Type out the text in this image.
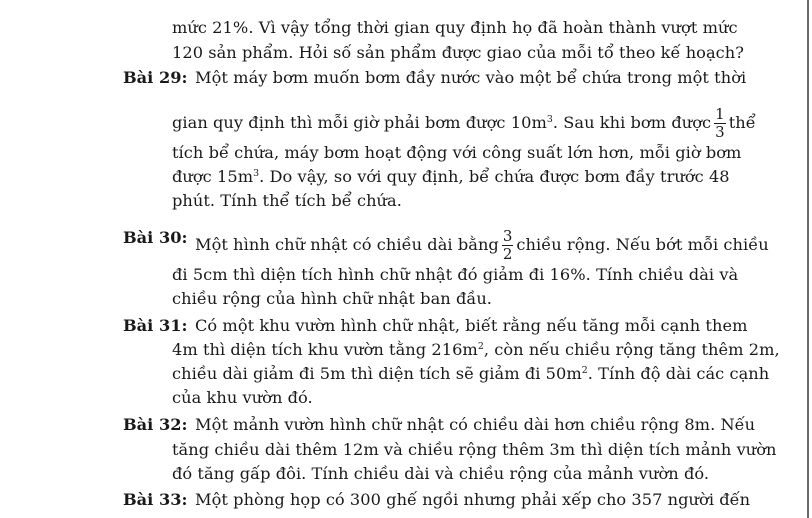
mức 21%. Vì vậy tổng thời gian quy định họ đã hoàn thành vượt mức
120 sản phẩm. Hỏi số sản phẩm được giao của mỗi tổ theo kế hoạch?
Bài 29: Một máy bơm muốn bơm đầy nước vào một bể chứa trong một thời
gian quy định thì mỗi giờ phải bơm được $10m^3$. Sau khi bơm được $\frac{1}{3}$ thể
tích bể chứa, máy bơm hoạt động với công suất lớn hơn, mỗi giờ bơm
được $15m^3$. Do vậy, so với quy định, bể chứa được bơm đầy trước 48
phút. Tính thể tích bể chứa.
Bài 30: Một hình chữ nhật có chiều dài bằng $\frac{3}{2}$ chiều rộng. Nếu bớt mỗi chiều
đi 5cm thì diện tích hình chữ nhật đó giảm đi 16%. Tính chiều dài và
chiều rộng của hình chữ nhật ban đầu.
Bài 31: Có một khu vườn hình chữ nhật, biết rằng nếu tăng mỗi cạnh them
4m thì diện tích khu vườn tằng $216m^2$, còn nếu chiều rộng tăng thêm 2m,
chiều dài giảm đi 5m thì diện tích sẽ giảm đi $50m^2$. Tính độ dài các cạnh
của khu vườn đó.
Bài 32: Một mảnh vườn hình chữ nhật có chiều dài hơn chiều rộng 8m. Nếu
tăng chiều dài thêm 12m và chiều rộng thêm 3m thì diện tích mảnh vườn
đó tăng gấp đôi. Tính chiều dài và chiều rộng của mảnh vườn đó.
Bài 33: Một phòng họp có 300 ghế ngồi nhưng phải xếp cho 357 người đến
